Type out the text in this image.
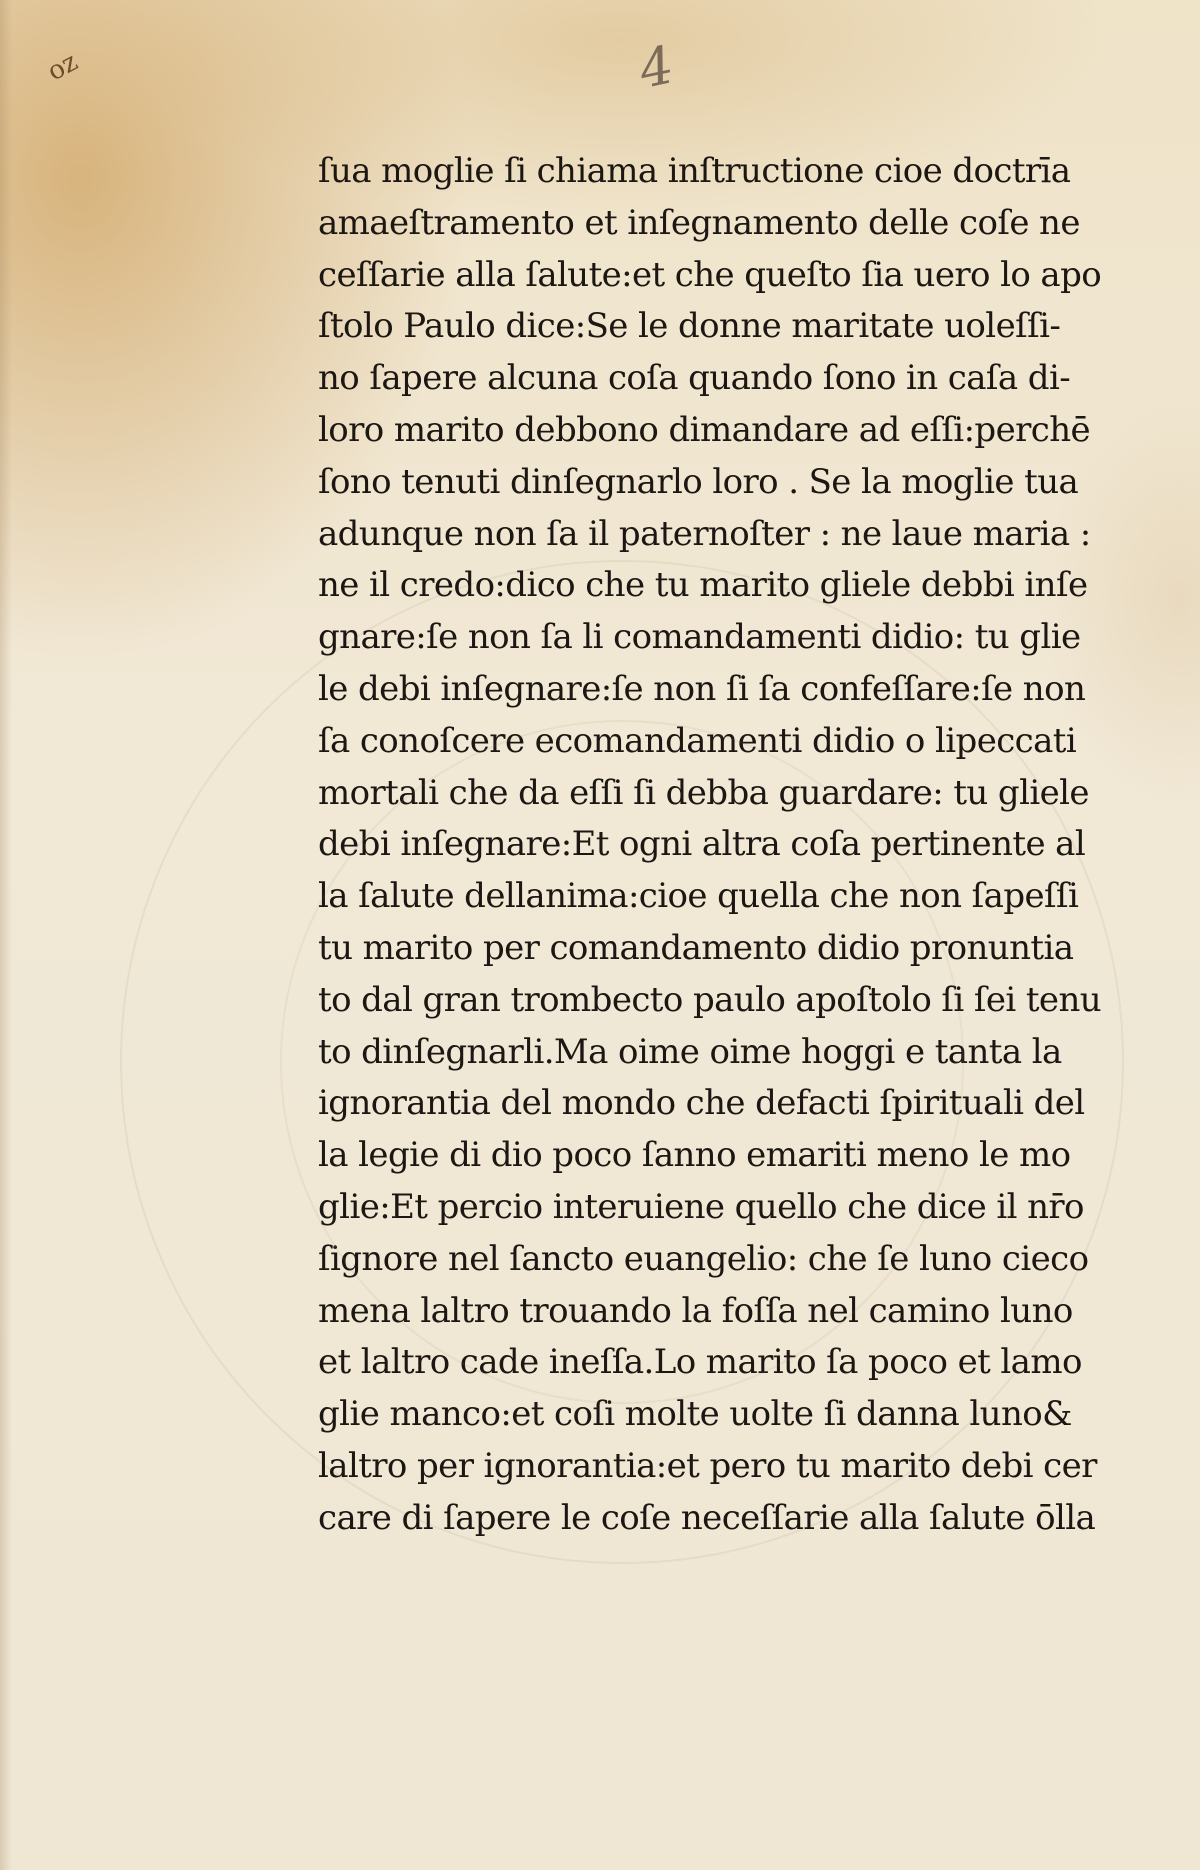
oz	4
ſua moglie ſi chiama inſtructione cioe doctrīa
amaeſtramento et inſegnamento delle coſe ne
ceſſarie alla ſalute:et che queſto ſia uero lo apo
ſtolo Paulo dice:Se le donne maritate uoleſſi-
no ſapere alcuna coſa quando ſono in caſa di-
loro marito debbono dimandare ad eſſi:perchē
ſono tenuti dinſegnarlo loro . Se la moglie tua
adunque non ſa il paternoſter : ne laue maria :
ne il credo:dico che tu marito gliele debbi inſe
gnare:ſe non ſa li comandamenti didio: tu glie
le debi inſegnare:ſe non ſi ſa confeſſare:ſe non
ſa conoſcere ecomandamenti didio o lipeccati
mortali che da eſſi ſi debba guardare: tu gliele
debi inſegnare:Et ogni altra coſa pertinente al
la ſalute dellanima:cioe quella che non ſapeſſi
tu marito per comandamento didio pronuntia
to dal gran trombecto paulo apoſtolo ſi ſei tenu
to dinſegnarli.Ma oime oime hoggi e tanta la
ignorantia del mondo che defacti ſpirituali del
la legie di dio poco ſanno emariti meno le mo
glie:Et percio interuiene quello che dice il nr̄o
ſignore nel ſancto euangelio: che ſe luno cieco
mena laltro trouando la foſſa nel camino luno
et laltro cade ineſſa.Lo marito ſa poco et lamo
glie manco:et coſi molte uolte ſi danna luno&
laltro per ignorantia:et pero tu marito debi cer
care di ſapere le coſe neceſſarie alla ſalute ōlla
